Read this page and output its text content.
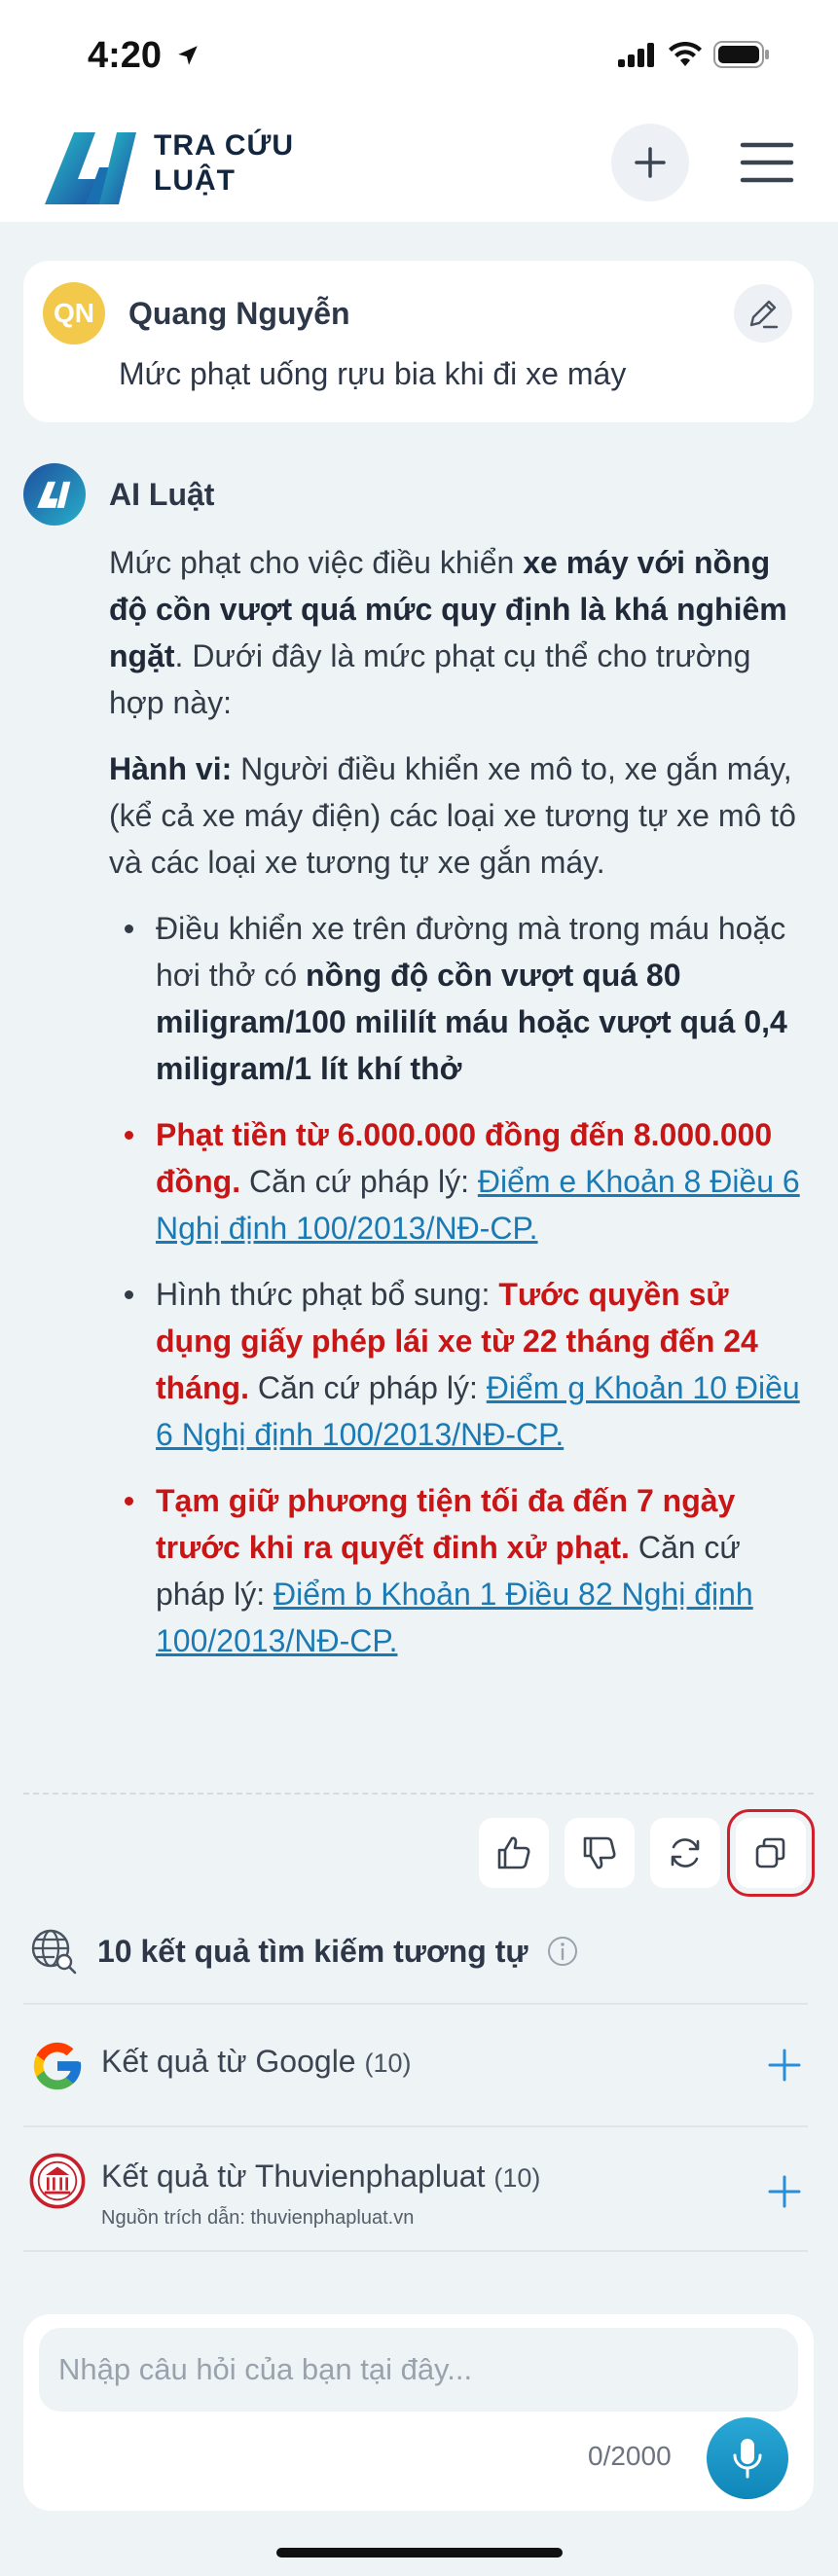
4:20
TRA CỨU
LUẬT
QN	Quang Nguyễn
Mức phạt uống rựu bia khi đi xe máy
AI Luật

Mức phạt cho việc điều khiển xe máy với nồng độ cồn vượt quá mức quy định là khá nghiêm ngặt. Dưới đây là mức phạt cụ thể cho trường hợp này:

Hành vi: Người điều khiển xe mô to, xe gắn máy, (kể cả xe máy điện) các loại xe tương tự xe mô tô và các loại xe tương tự xe gắn máy.

Điều khiển xe trên đường mà trong máu hoặc hơi thở có nồng độ cồn vượt quá 80 miligram/100 mililít máu hoặc vượt quá 0,4 miligram/1 lít khí thở
Phạt tiền từ 6.000.000 đồng đến 8.000.000 đồng. Căn cứ pháp lý: Điểm e Khoản 8 Điều 6 Nghị định 100/2013/NĐ-CP.
Hình thức phạt bổ sung: Tước quyền sử dụng giấy phép lái xe từ 22 tháng đến 24 tháng. Căn cứ pháp lý: Điểm g Khoản 10 Điều 6 Nghị định 100/2013/NĐ-CP.
Tạm giữ phương tiện tối đa đến 7 ngày trước khi ra quyết đinh xử phạt. Căn cứ pháp lý: Điểm b Khoản 1 Điều 82 Nghị định 100/2013/NĐ-CP.
10 kết quả tìm kiếm tương tự
Kết quả từ Google (10)
Kết quả từ Thuvienphapluat (10)
Nguồn trích dẫn: thuvienphapluat.vn
Nhập câu hỏi của bạn tại đây...
0/2000
